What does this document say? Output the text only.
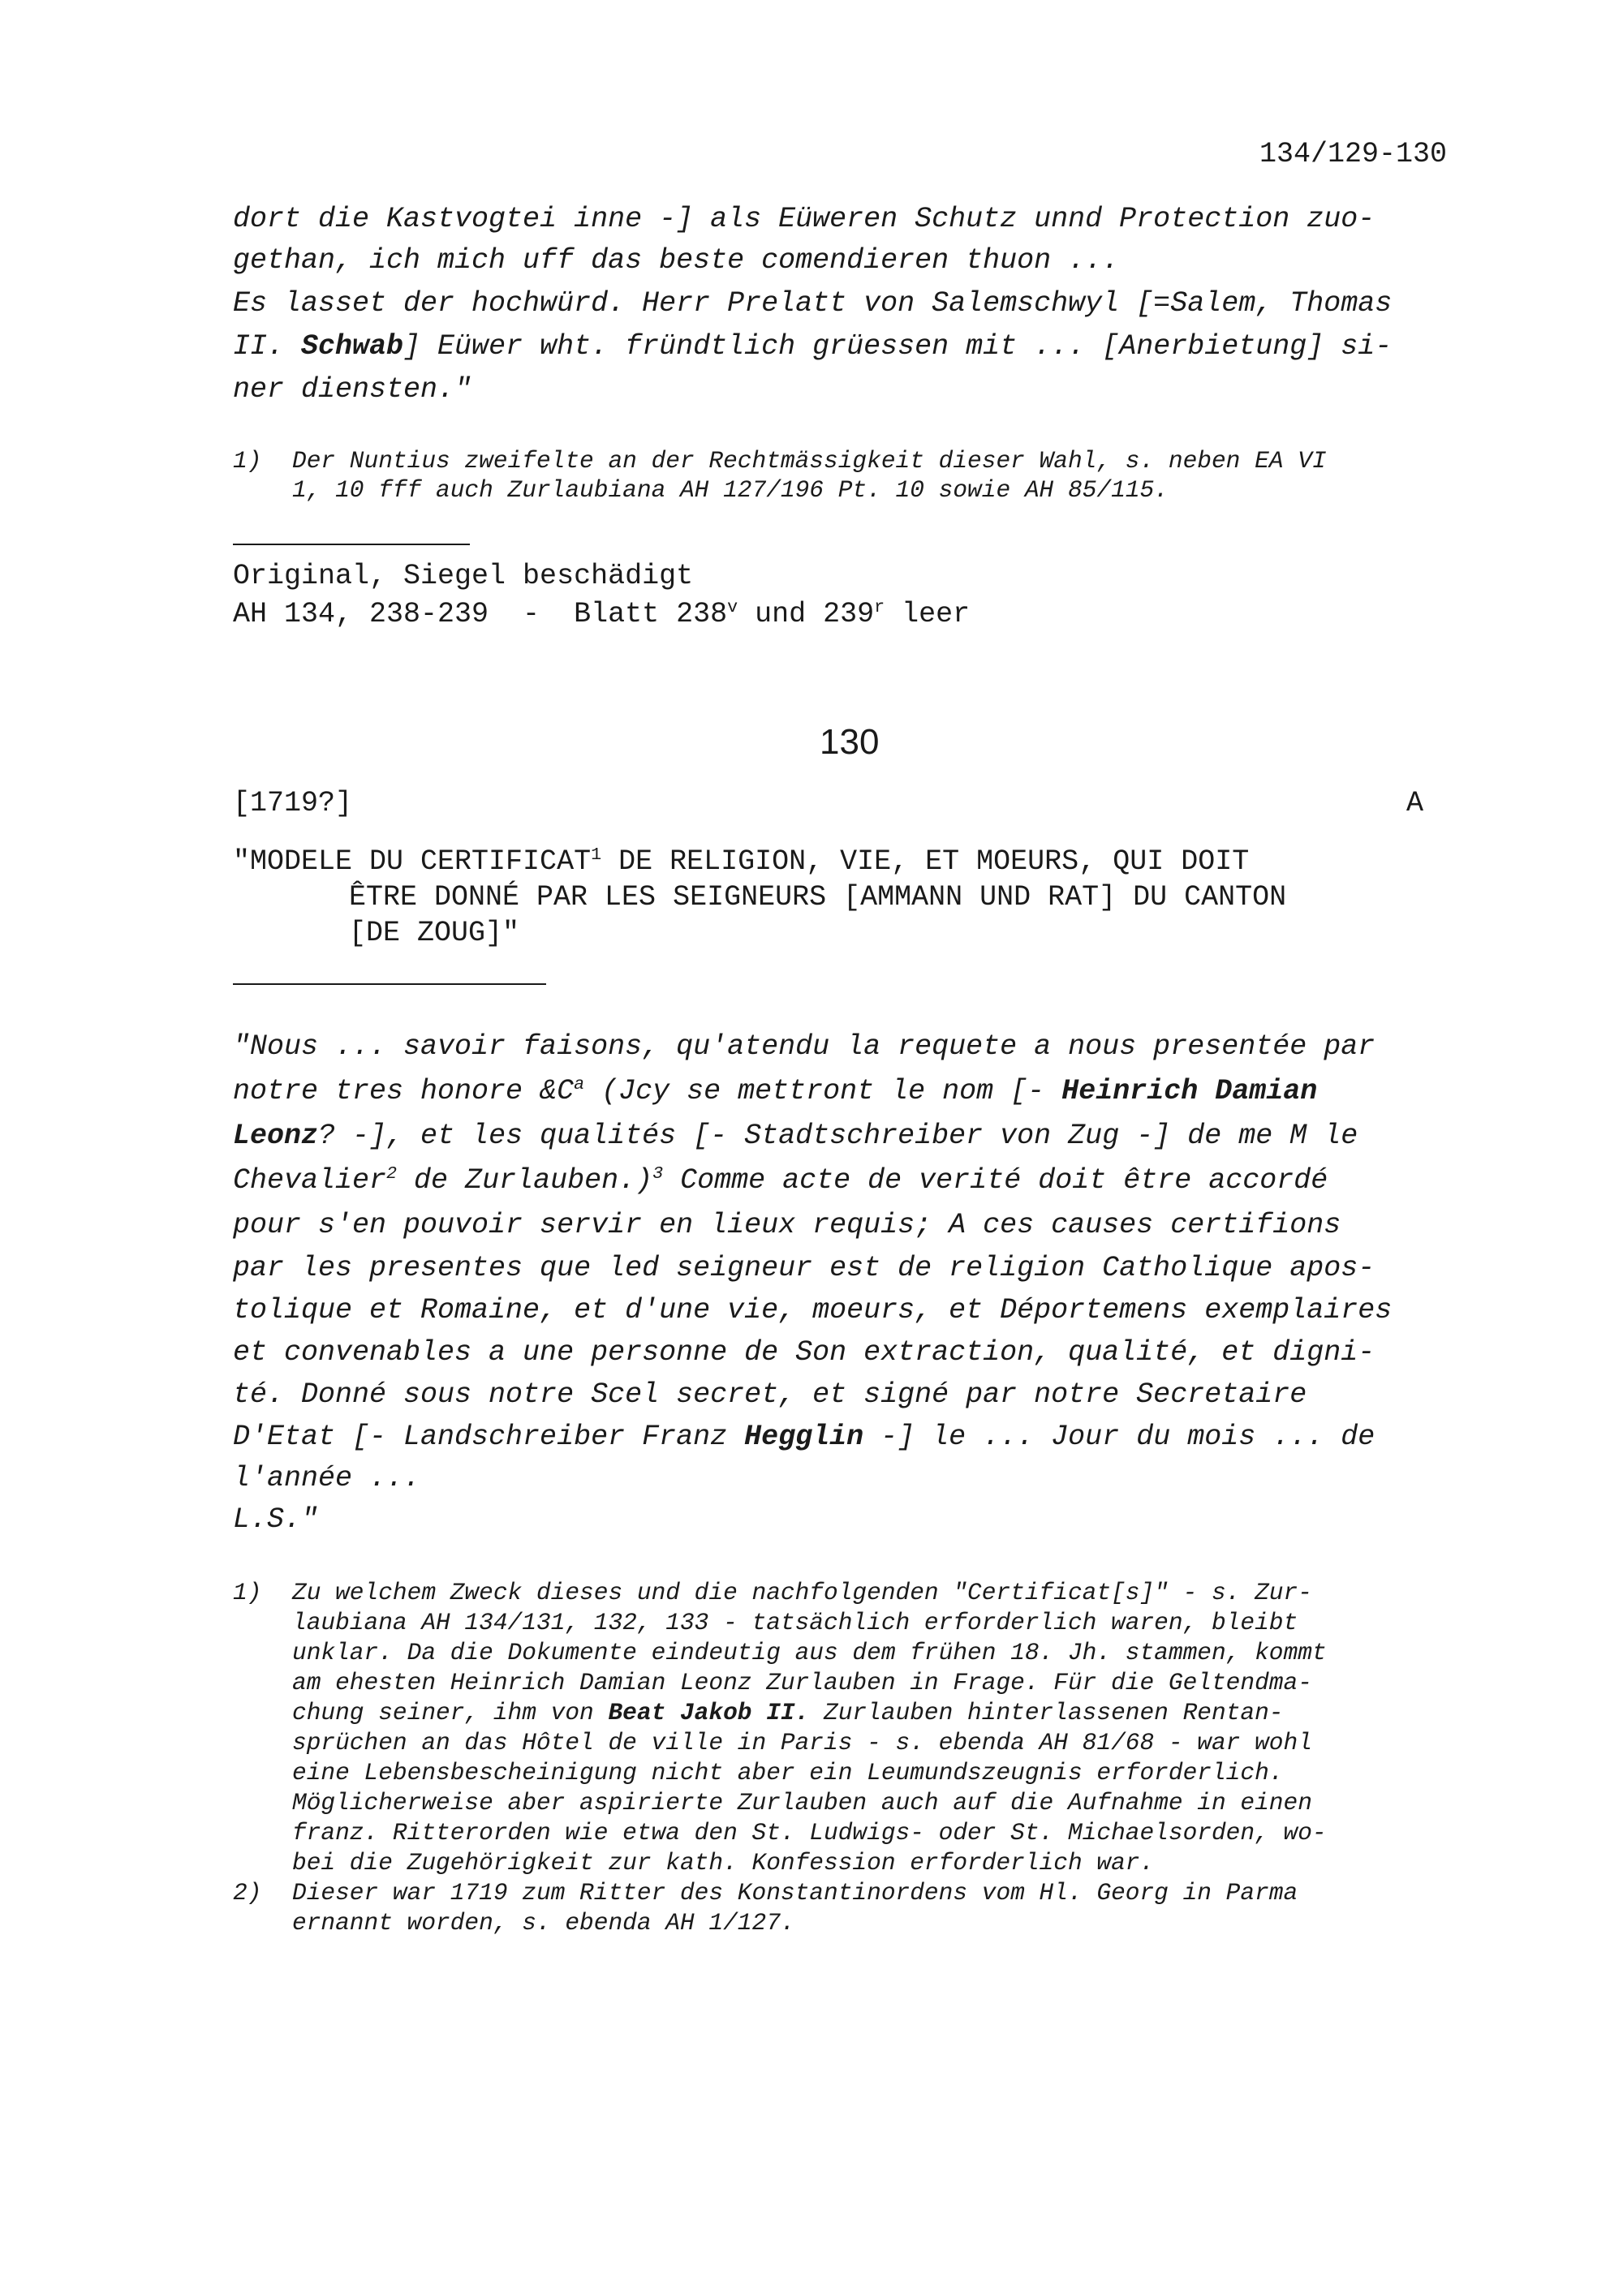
134/129-130
dort die Kastvogtei inne -] als Eüweren Schutz unnd Protection zuo-
gethan, ich mich uff das beste comendieren thuon ...
Es lasset der hochwürd. Herr Prelatt von Salemschwyl [=Salem, Thomas
II. Schwab] Eüwer wht. fründtlich grüessen mit ... [Anerbietung] si-
ner diensten."
1) Der Nuntius zweifelte an der Rechtmässigkeit dieser Wahl, s. neben EA VI
1, 10 fff auch Zurlaubiana AH 127/196 Pt. 10 sowie AH 85/115.
Original, Siegel beschädigt
AH 134, 238-239  -  Blatt 238$^v$ und 239$^r$ leer
130
[1719?]	A
"MODELE DU CERTIFICAT$^1$ DE RELIGION, VIE, ET MOEURS, QUI DOIT
ÊTRE DONNÉ PAR LES SEIGNEURS [AMMANN UND RAT] DU CANTON
[DE ZOUG]"
"Nous ... savoir faisons, qu'atendu la requete a nous presentée par
notre tres honore $\&C^a$ (Jcy se mettront le nom [- Heinrich Damian
Leonz? -], et les qualités [- Stadtschreiber von Zug -] de me M le
Chevalier$^2$ de Zurlauben.)$^3$ Comme acte de verité doit être accordé
pour s'en pouvoir servir en lieux requis; A ces causes certifions
par les presentes que led seigneur est de religion Catholique apos-
tolique et Romaine, et d'une vie, moeurs, et Déportemens exemplaires
et convenables a une personne de Son extraction, qualité, et digni-
té. Donné sous notre Scel secret, et signé par notre Secretaire
D'Etat [- Landschreiber Franz Hegglin -] le ... Jour du mois ... de
l'année ...
L.S."
1) Zu welchem Zweck dieses und die nachfolgenden "Certificat[s]" - s. Zur-
laubiana AH 134/131, 132, 133 - tatsächlich erforderlich waren, bleibt
unklar. Da die Dokumente eindeutig aus dem frühen 18. Jh. stammen, kommt
am ehesten Heinrich Damian Leonz Zurlauben in Frage. Für die Geltendma-
chung seiner, ihm von Beat Jakob II. Zurlauben hinterlassenen Rentan-
sprüchen an das Hôtel de ville in Paris - s. ebenda AH 81/68 - war wohl
eine Lebensbescheinigung nicht aber ein Leumundszeugnis erforderlich.
Möglicherweise aber aspirierte Zurlauben auch auf die Aufnahme in einen
franz. Ritterorden wie etwa den St. Ludwigs- oder St. Michaelsorden, wo-
bei die Zugehörigkeit zur kath. Konfession erforderlich war.
2) Dieser war 1719 zum Ritter des Konstantinordens vom Hl. Georg in Parma
ernannt worden, s. ebenda AH 1/127.
